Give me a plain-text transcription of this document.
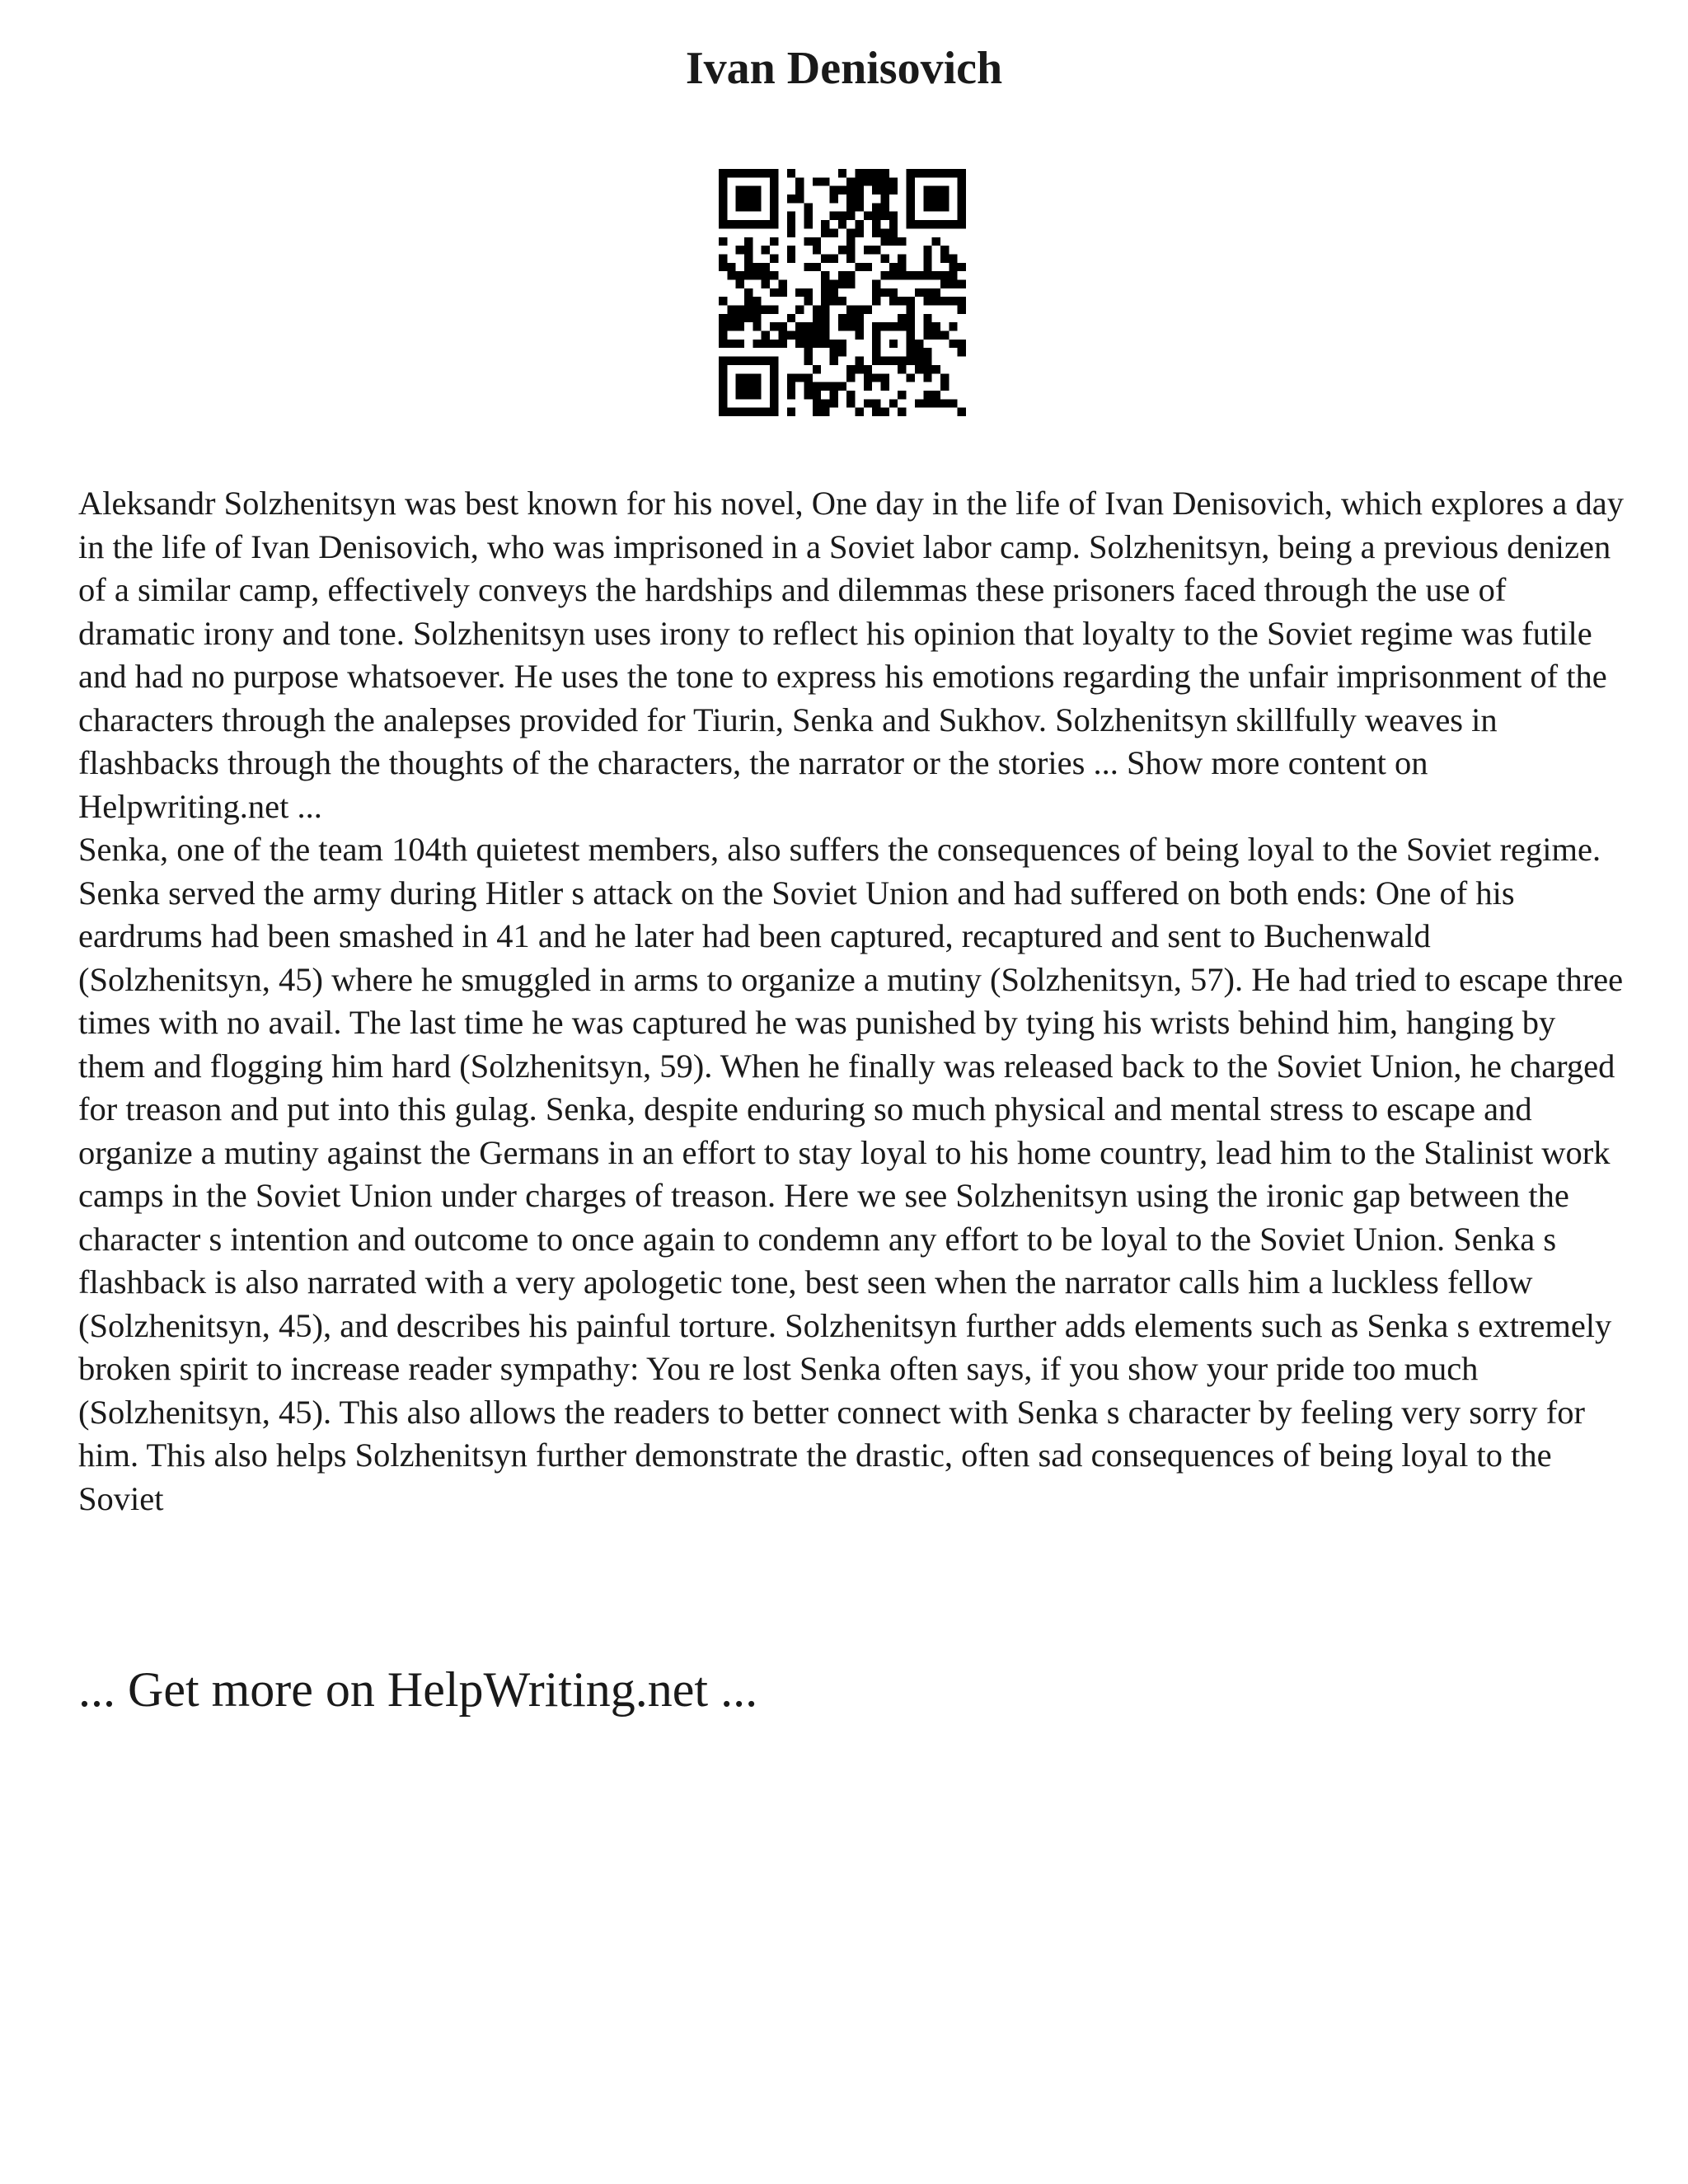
Ivan Denisovich

Aleksandr Solzhenitsyn was best known for his novel, One day in the life of Ivan Denisovich, which explores a day in the life of Ivan Denisovich, who was imprisoned in a Soviet labor camp. Solzhenitsyn, being a previous denizen of a similar camp, effectively conveys the hardships and dilemmas these prisoners faced through the use of dramatic irony and tone. Solzhenitsyn uses irony to reflect his opinion that loyalty to the Soviet regime was futile and had no purpose whatsoever. He uses the tone to express his emotions regarding the unfair imprisonment of the characters through the analepses provided for Tiurin, Senka and Sukhov. Solzhenitsyn skillfully weaves in flashbacks through the thoughts of the characters, the narrator or the stories ... Show more content on Helpwriting.net ...

Senka, one of the team 104th quietest members, also suffers the consequences of being loyal to the Soviet regime. Senka served the army during Hitler s attack on the Soviet Union and had suffered on both ends: One of his eardrums had been smashed in 41 and he later had been captured, recaptured and sent to Buchenwald (Solzhenitsyn, 45) where he smuggled in arms to organize a mutiny (Solzhenitsyn, 57). He had tried to escape three times with no avail. The last time he was captured he was punished by tying his wrists behind him, hanging by them and flogging him hard (Solzhenitsyn, 59). When he finally was released back to the Soviet Union, he charged for treason and put into this gulag. Senka, despite enduring so much physical and mental stress to escape and organize a mutiny against the Germans in an effort to stay loyal to his home country, lead him to the Stalinist work camps in the Soviet Union under charges of treason. Here we see Solzhenitsyn using the ironic gap between the character s intention and outcome to once again to condemn any effort to be loyal to the Soviet Union. Senka s flashback is also narrated with a very apologetic tone, best seen when the narrator calls him a luckless fellow (Solzhenitsyn, 45), and describes his painful torture. Solzhenitsyn further adds elements such as Senka s extremely broken spirit to increase reader sympathy: You re lost Senka often says, if you show your pride too much (Solzhenitsyn, 45). This also allows the readers to better connect with Senka s character by feeling very sorry for him. This also helps Solzhenitsyn further demonstrate the drastic, often sad consequences of being loyal to the Soviet

... Get more on HelpWriting.net ...
